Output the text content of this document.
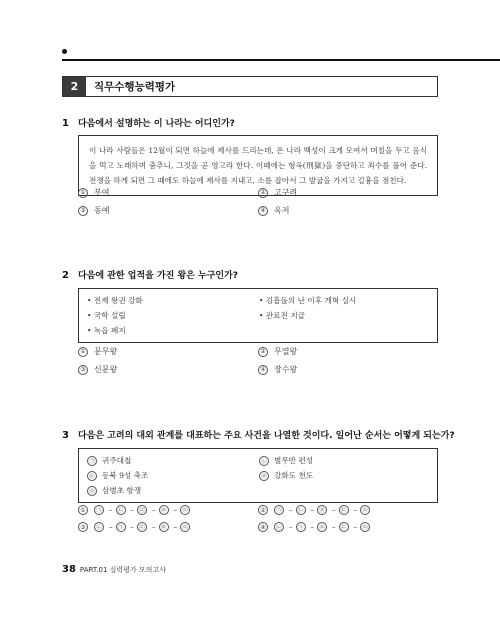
2	직무수행능력평가
1	다음에서 설명하는 이 나라는 어디인가?

이 나라 사람들은 12월이 되면 하늘에 제사를 드리는데, 온 나라 백성이 크게 모여서 며칠을 두고 음식을 먹고 노래하며 춤추니, 그것을 곧 영고라 한다. 이때에는 형옥(刑獄)을 중단하고 죄수를 풀어 준다. 전쟁을 하게 되면 그 때에도 하늘에 제사를 지내고, 소를 잡아서 그 발굽을 가지고 길흉을 점친다.

① 부여	② 고구려
③ 동예	④ 옥저
2	다음에 관한 업적을 가진 왕은 누구인가?
• 전제 왕권 강화	• 김흠돌의 난 이후 개혁 실시
• 국학 설립	• 관료전 지급
• 녹읍 폐지
① 문무왕	② 무열왕
③ 신문왕	④ 장수왕
3	다음은 고려의 대외 관계를 대표하는 주요 사건을 나열한 것이다. 일어난 순서는 어떻게 되는가?
㉠ 귀주대첩	㉡ 별무반 편성
㉢ 동북 9성 축조	㉣ 강화도 천도
㉤ 삼별초 항쟁
①	㉠	– ㉡	– ㉢	– ㉣	– ㉤	②	㉠	– ㉡	– ㉣	– ㉢	– ㉤
③	㉡	– ㉠	– ㉢	– ㉣	– ㉤	④	㉡	– ㉠	– ㉣	– ㉢	– ㉤
38 PART.01 실력평가 모의고사
